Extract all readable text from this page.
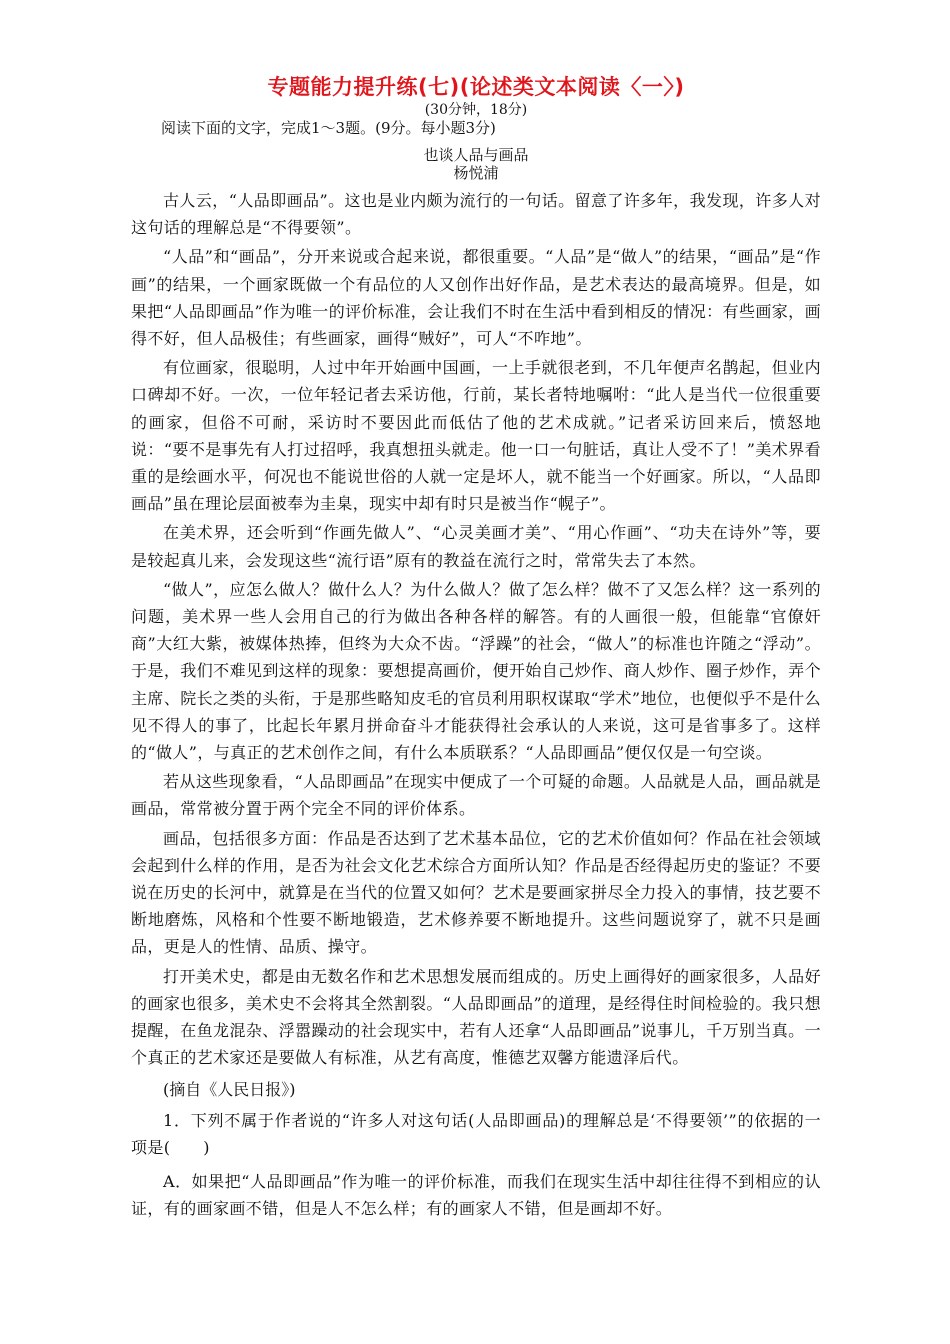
专题能力提升练(七)(论述类文本阅读〈一〉)

(30分钟，18分)

阅读下面的文字，完成1～3题。(9分。每小题3分)

也谈人品与画品

杨悦浦

古人云，“人品即画品”。这也是业内颇为流行的一句话。留意了许多年，我发现，许多人对这句话的理解总是“不得要领”。

“人品”和“画品”，分开来说或合起来说，都很重要。“人品”是“做人”的结果，“画品”是“作画”的结果，一个画家既做一个有品位的人又创作出好作品，是艺术表达的最高境界。但是，如果把“人品即画品”作为唯一的评价标准，会让我们不时在生活中看到相反的情况：有些画家，画得不好，但人品极佳；有些画家，画得“贼好”，可人“不咋地”。

有位画家，很聪明，人过中年开始画中国画，一上手就很老到，不几年便声名鹊起，但业内口碑却不好。一次，一位年轻记者去采访他，行前，某长者特地嘱咐：“此人是当代一位很重要的画家，但俗不可耐，采访时不要因此而低估了他的艺术成就。”记者采访回来后，愤怒地说：“要不是事先有人打过招呼，我真想扭头就走。他一口一句脏话，真让人受不了！”美术界看重的是绘画水平，何况也不能说世俗的人就一定是坏人，就不能当一个好画家。所以，“人品即画品”虽在理论层面被奉为圭臬，现实中却有时只是被当作“幌子”。

在美术界，还会听到“作画先做人”、“心灵美画才美”、“用心作画”、“功夫在诗外”等，要是较起真儿来，会发现这些“流行语”原有的教益在流行之时，常常失去了本然。

“做人”，应怎么做人？做什么人？为什么做人？做了怎么样？做不了又怎么样？这一系列的问题，美术界一些人会用自己的行为做出各种各样的解答。有的人画很一般，但能靠“官僚奸商”大红大紫，被媒体热捧，但终为大众不齿。“浮躁”的社会，“做人”的标准也许随之“浮动”。于是，我们不难见到这样的现象：要想提高画价，便开始自己炒作、商人炒作、圈子炒作，弄个主席、院长之类的头衔，于是那些略知皮毛的官员利用职权谋取“学术”地位，也便似乎不是什么见不得人的事了，比起长年累月拼命奋斗才能获得社会承认的人来说，这可是省事多了。这样的“做人”，与真正的艺术创作之间，有什么本质联系？“人品即画品”便仅仅是一句空谈。

若从这些现象看，“人品即画品”在现实中便成了一个可疑的命题。人品就是人品，画品就是画品，常常被分置于两个完全不同的评价体系。

画品，包括很多方面：作品是否达到了艺术基本品位，它的艺术价值如何？作品在社会领域会起到什么样的作用，是否为社会文化艺术综合方面所认知？作品是否经得起历史的鉴证？不要说在历史的长河中，就算是在当代的位置又如何？艺术是要画家拼尽全力投入的事情，技艺要不断地磨炼，风格和个性要不断地锻造，艺术修养要不断地提升。这些问题说穿了，就不只是画品，更是人的性情、品质、操守。

打开美术史，都是由无数名作和艺术思想发展而组成的。历史上画得好的画家很多，人品好的画家也很多，美术史不会将其全然割裂。“人品即画品”的道理，是经得住时间检验的。我只想提醒，在鱼龙混杂、浮嚣躁动的社会现实中，若有人还拿“人品即画品”说事儿，千万别当真。一个真正的艺术家还是要做人有标准，从艺有高度，惟德艺双馨方能遗泽后代。

(摘自《人民日报》)

1．下列不属于作者说的“许多人对这句话(人品即画品)的理解总是‘不得要领’”的依据的一项是(　　)

A．如果把“人品即画品”作为唯一的评价标准，而我们在现实生活中却往往得不到相应的认证，有的画家画不错，但是人不怎么样；有的画家人不错，但是画却不好。
